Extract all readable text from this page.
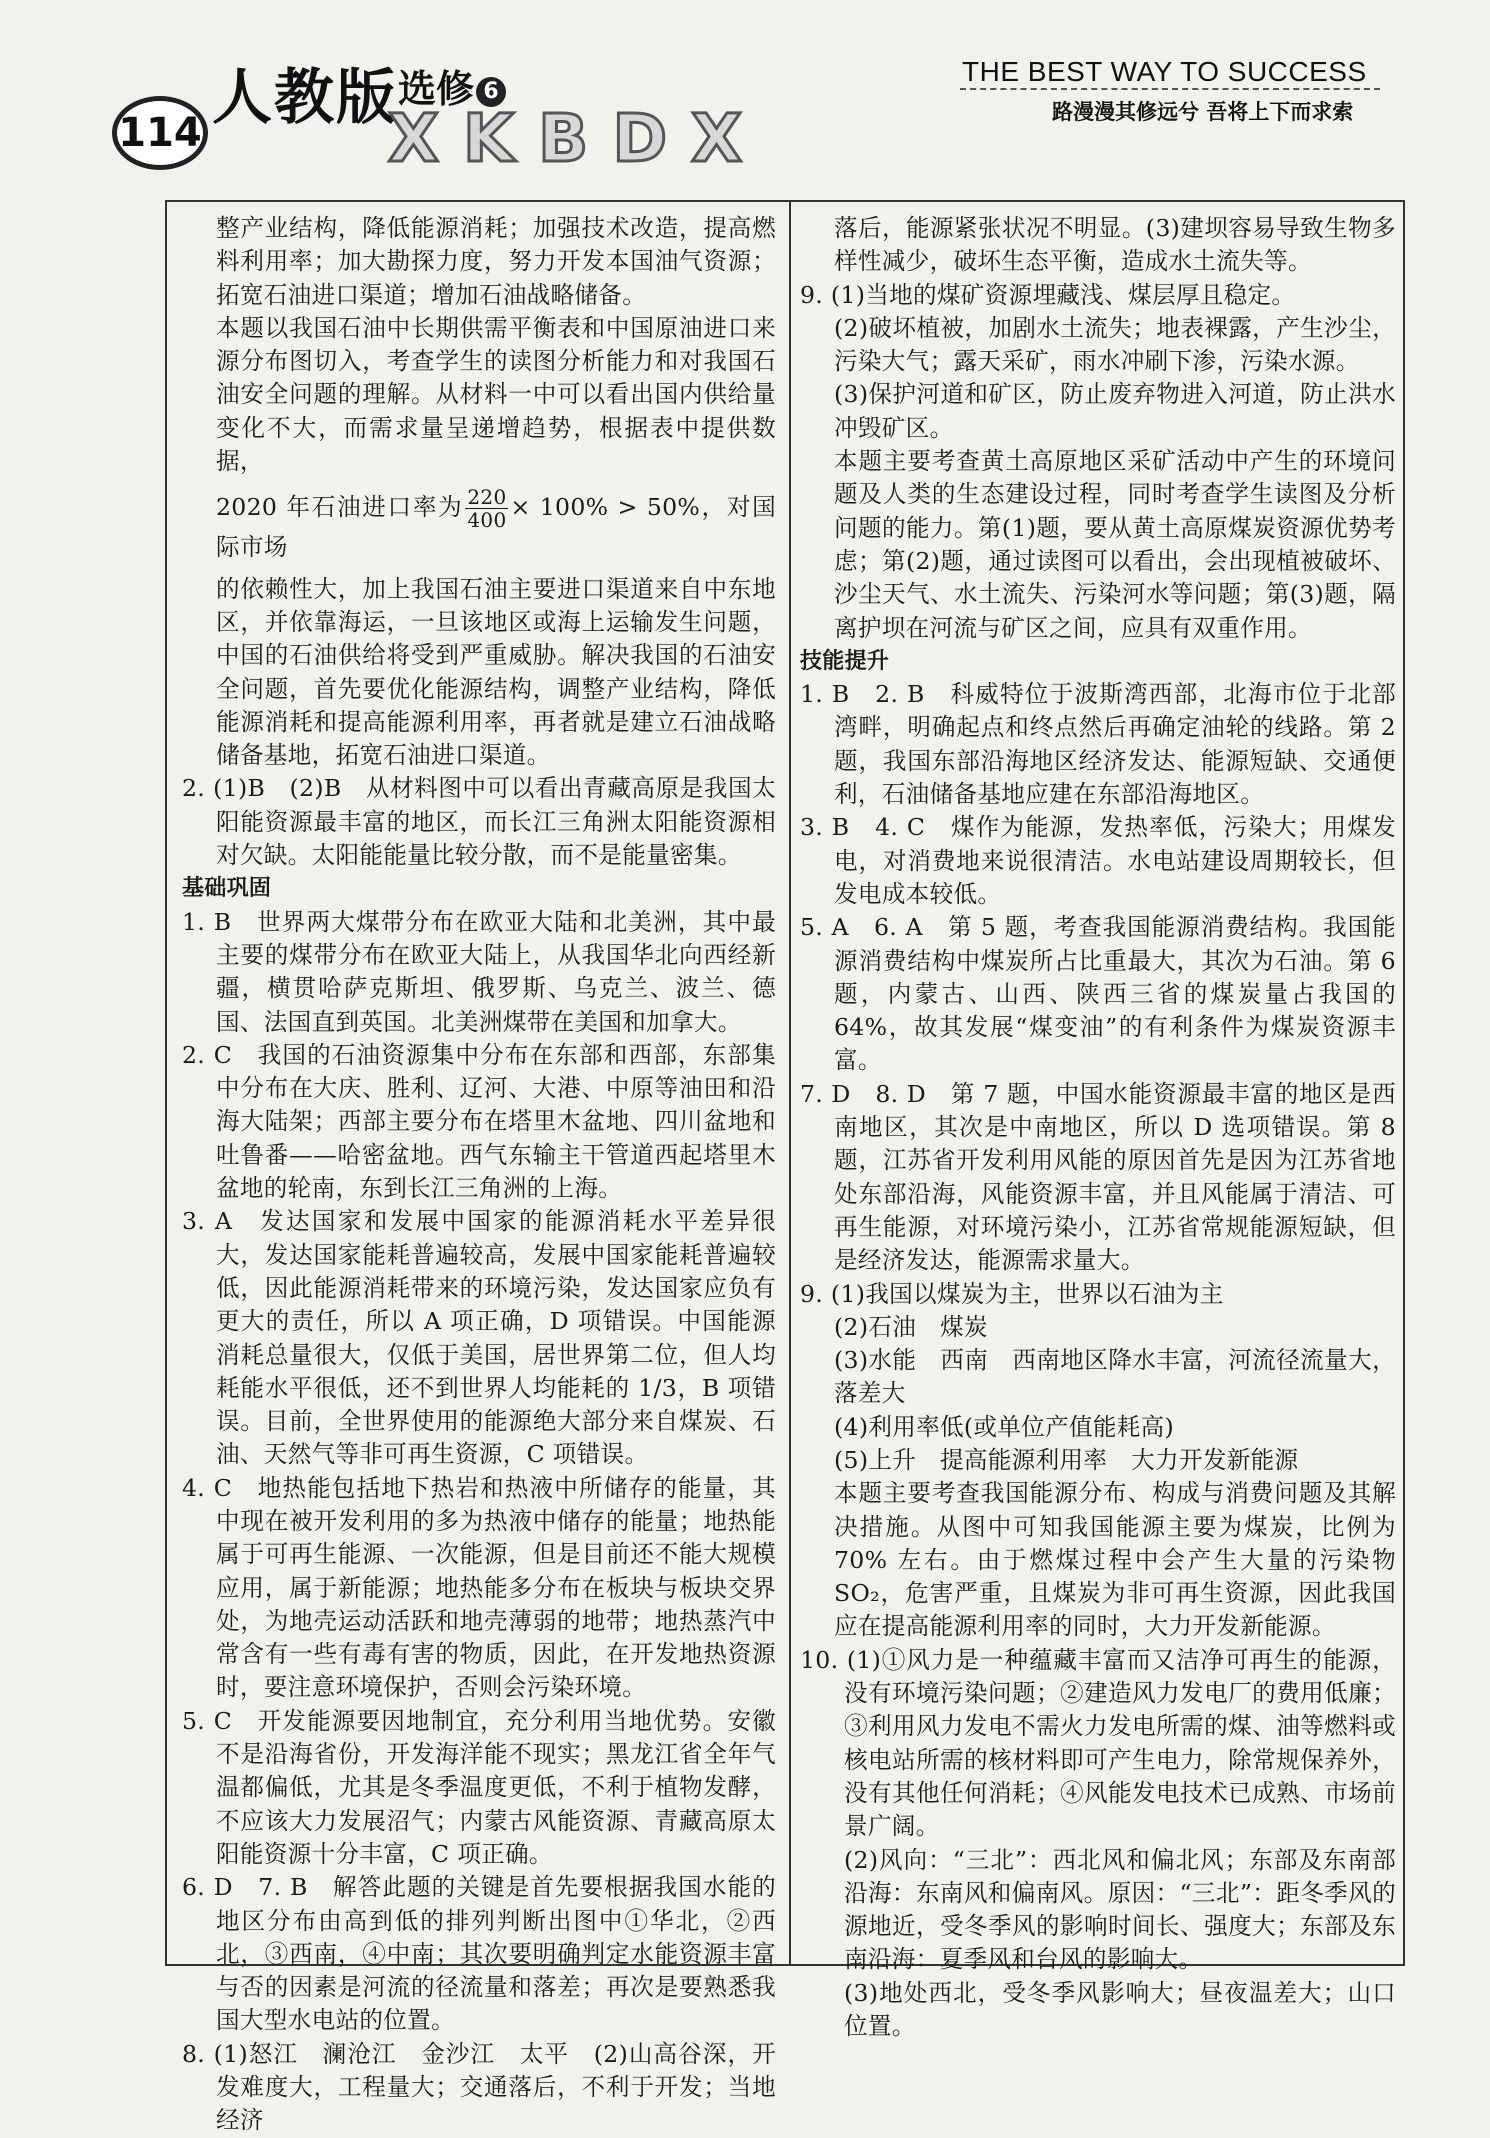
114 人教版 选修 6
XKBDX
THE BEST WAY TO SUCCESS
路漫漫其修远兮 吾将上下而求索

整产业结构，降低能源消耗；加强技术改造，提高燃料利用率；加大勘探力度，努力开发本国油气资源；拓宽石油进口渠道；增加石油战略储备。

本题以我国石油中长期供需平衡表和中国原油进口来源分布图切入，考查学生的读图分析能力和对我国石油安全问题的理解。从材料一中可以看出国内供给量变化不大，而需求量呈递增趋势，根据表中提供数据，

2020 年石油进口率为 $\frac{220}{400} \times 100\% > 50\%$，对国际市场

的依赖性大，加上我国石油主要进口渠道来自中东地区，并依靠海运，一旦该地区或海上运输发生问题，中国的石油供给将受到严重威胁。解决我国的石油安全问题，首先要优化能源结构，调整产业结构，降低能源消耗和提高能源利用率，再者就是建立石油战略储备基地，拓宽石油进口渠道。

2. (1)B　(2)B　从材料图中可以看出青藏高原是我国太阳能资源最丰富的地区，而长江三角洲太阳能资源相对欠缺。太阳能能量比较分散，而不是能量密集。

基础巩固

1. B　世界两大煤带分布在欧亚大陆和北美洲，其中最主要的煤带分布在欧亚大陆上，从我国华北向西经新疆，横贯哈萨克斯坦、俄罗斯、乌克兰、波兰、德国、法国直到英国。北美洲煤带在美国和加拿大。

2. C　我国的石油资源集中分布在东部和西部，东部集中分布在大庆、胜利、辽河、大港、中原等油田和沿海大陆架；西部主要分布在塔里木盆地、四川盆地和吐鲁番——哈密盆地。西气东输主干管道西起塔里木盆地的轮南，东到长江三角洲的上海。

3. A　发达国家和发展中国家的能源消耗水平差异很大，发达国家能耗普遍较高，发展中国家能耗普遍较低，因此能源消耗带来的环境污染，发达国家应负有更大的责任，所以 A 项正确，D 项错误。中国能源消耗总量很大，仅低于美国，居世界第二位，但人均耗能水平很低，还不到世界人均能耗的 1/3，B 项错误。目前，全世界使用的能源绝大部分来自煤炭、石油、天然气等非可再生资源，C 项错误。

4. C　地热能包括地下热岩和热液中所储存的能量，其中现在被开发利用的多为热液中储存的能量；地热能属于可再生能源、一次能源，但是目前还不能大规模应用，属于新能源；地热能多分布在板块与板块交界处，为地壳运动活跃和地壳薄弱的地带；地热蒸汽中常含有一些有毒有害的物质，因此，在开发地热资源时，要注意环境保护，否则会污染环境。

5. C　开发能源要因地制宜，充分利用当地优势。安徽不是沿海省份，开发海洋能不现实；黑龙江省全年气温都偏低，尤其是冬季温度更低，不利于植物发酵，不应该大力发展沼气；内蒙古风能资源、青藏高原太阳能资源十分丰富，C 项正确。

6. D　7. B　解答此题的关键是首先要根据我国水能的地区分布由高到低的排列判断出图中①华北，②西北，③西南，④中南；其次要明确判定水能资源丰富与否的因素是河流的径流量和落差；再次是要熟悉我国大型水电站的位置。

8. (1)怒江　澜沧江　金沙江　太平　(2)山高谷深，开发难度大，工程量大；交通落后，不利于开发；当地经济

落后，能源紧张状况不明显。(3)建坝容易导致生物多样性减少，破坏生态平衡，造成水土流失等。

9. (1)当地的煤矿资源埋藏浅、煤层厚且稳定。

(2)破坏植被，加剧水土流失；地表裸露，产生沙尘，污染大气；露天采矿，雨水冲刷下渗，污染水源。

(3)保护河道和矿区，防止废弃物进入河道，防止洪水冲毁矿区。

本题主要考查黄土高原地区采矿活动中产生的环境问题及人类的生态建设过程，同时考查学生读图及分析问题的能力。第(1)题，要从黄土高原煤炭资源优势考虑；第(2)题，通过读图可以看出，会出现植被破坏、沙尘天气、水土流失、污染河水等问题；第(3)题，隔离护坝在河流与矿区之间，应具有双重作用。

技能提升

1. B　2. B　科威特位于波斯湾西部，北海市位于北部湾畔，明确起点和终点然后再确定油轮的线路。第 2 题，我国东部沿海地区经济发达、能源短缺、交通便利，石油储备基地应建在东部沿海地区。

3. B　4. C　煤作为能源，发热率低，污染大；用煤发电，对消费地来说很清洁。水电站建设周期较长，但发电成本较低。

5. A　6. A　第 5 题，考查我国能源消费结构。我国能源消费结构中煤炭所占比重最大，其次为石油。第 6 题，内蒙古、山西、陕西三省的煤炭量占我国的 64%，故其发展“煤变油”的有利条件为煤炭资源丰富。

7. D　8. D　第 7 题，中国水能资源最丰富的地区是西南地区，其次是中南地区，所以 D 选项错误。第 8 题，江苏省开发利用风能的原因首先是因为江苏省地处东部沿海，风能资源丰富，并且风能属于清洁、可再生能源，对环境污染小，江苏省常规能源短缺，但是经济发达，能源需求量大。

9. (1)我国以煤炭为主，世界以石油为主

(2)石油　煤炭

(3)水能　西南　西南地区降水丰富，河流径流量大，落差大

(4)利用率低(或单位产值能耗高)

(5)上升　提高能源利用率　大力开发新能源

本题主要考查我国能源分布、构成与消费问题及其解决措施。从图中可知我国能源主要为煤炭，比例为 70% 左右。由于燃煤过程中会产生大量的污染物 SO₂，危害严重，且煤炭为非可再生资源，因此我国应在提高能源利用率的同时，大力开发新能源。

10. (1)①风力是一种蕴藏丰富而又洁净可再生的能源，没有环境污染问题；②建造风力发电厂的费用低廉；③利用风力发电不需火力发电所需的煤、油等燃料或核电站所需的核材料即可产生电力，除常规保养外，没有其他任何消耗；④风能发电技术已成熟、市场前景广阔。

(2)风向：“三北”：西北风和偏北风；东部及东南部沿海：东南风和偏南风。原因：“三北”：距冬季风的源地近，受冬季风的影响时间长、强度大；东部及东南沿海：夏季风和台风的影响大。

(3)地处西北，受冬季风影响大；昼夜温差大；山口位置。
